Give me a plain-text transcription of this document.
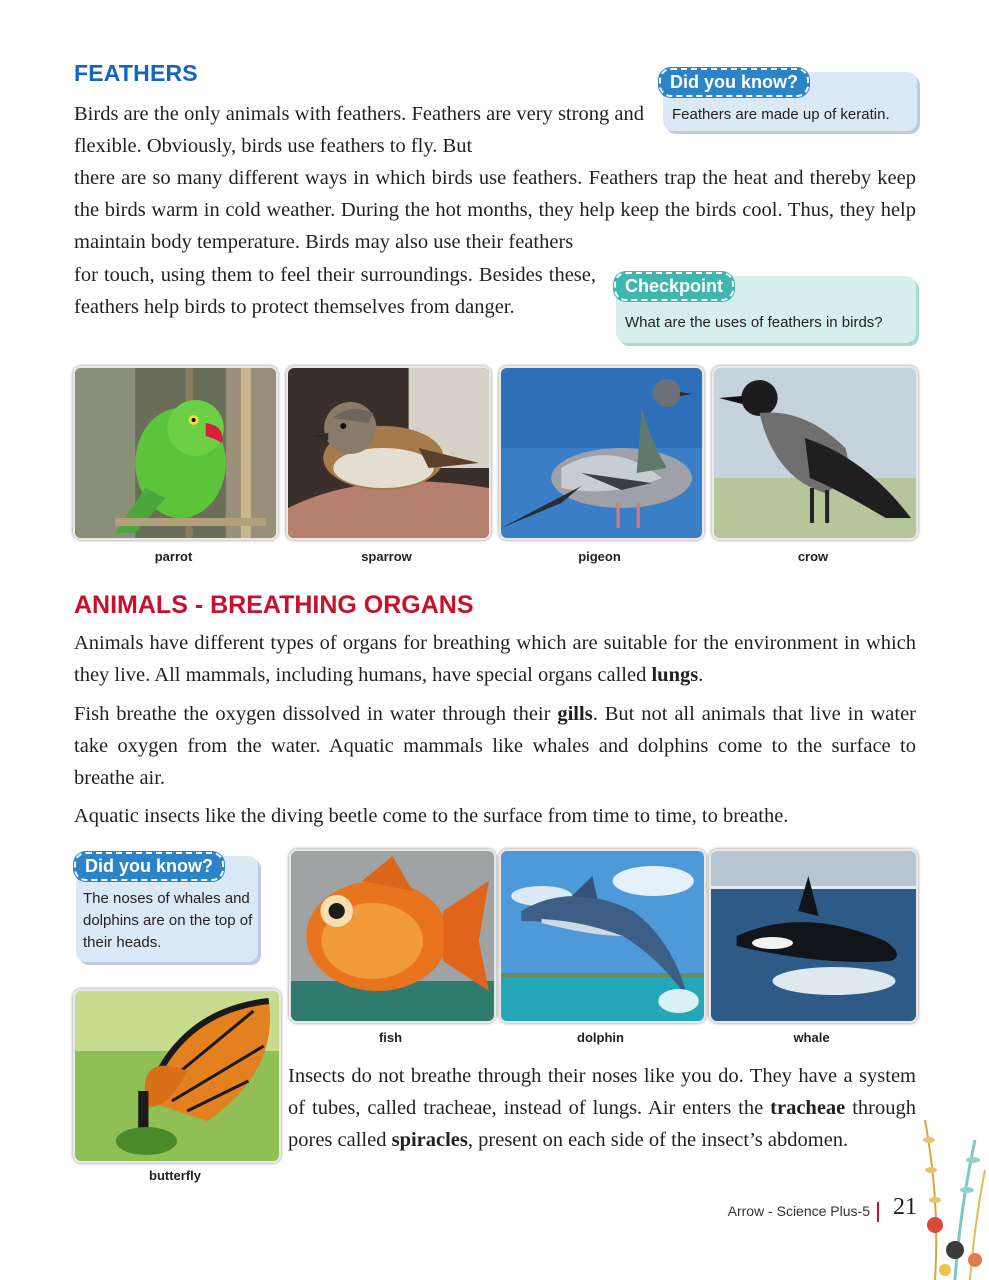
FEATHERS	Did you know?
Feathers are made up of keratin.
Birds are the only animals with feathers. Feathers are very strong and flexible. Obviously, birds use feathers to fly. But
there are so many different ways in which birds use feathers. Feathers trap the heat and thereby keep the birds warm in cold weather. During the hot months, they help keep the birds cool. Thus, they help maintain body temperature. Birds may also use their feathers
for touch, using them to feel their surroundings. Besides these, feathers help birds to protect themselves from danger.
Checkpoint
What are the uses of feathers in birds?
parrot	sparrow	pigeon	crow
ANIMALS - BREATHING ORGANS
Animals have different types of organs for breathing which are suitable for the environment in which they live. All mammals, including humans, have special organs called lungs.
Fish breathe the oxygen dissolved in water through their gills. But not all animals that live in water take oxygen from the water. Aquatic mammals like whales and dolphins come to the surface to breathe air.
Aquatic insects like the diving beetle come to the surface from time to time, to breathe.
Did you know?
The noses of whales and dolphins are on the top of their heads.
fish	dolphin	whale
butterfly
Insects do not breathe through their noses like you do. They have a system of tubes, called tracheae, instead of lungs. Air enters the tracheae through pores called spiracles, present on each side of the insect’s abdomen.
Arrow - Science Plus-5 21
